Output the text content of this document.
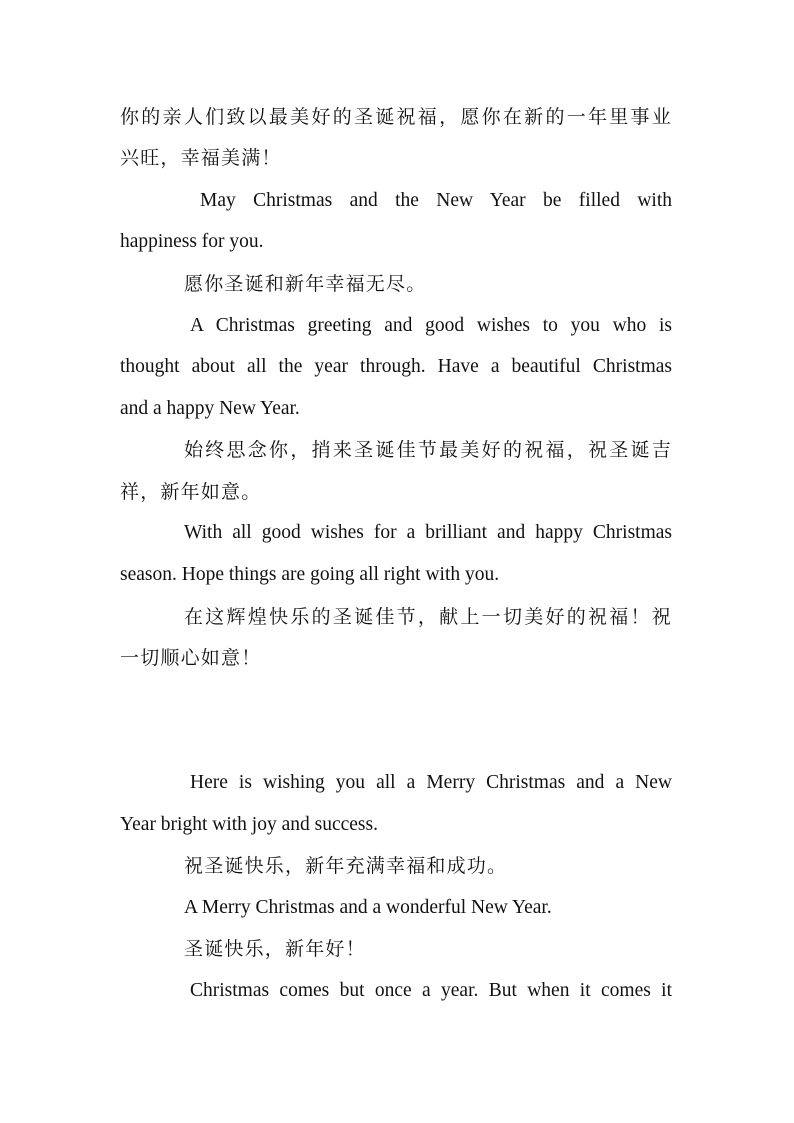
你的亲人们致以最美好的圣诞祝福，愿你在新的一年里事业

兴旺，幸福美满！

May Christmas and the New Year be filled with

happiness for you.

愿你圣诞和新年幸福无尽。

A Christmas greeting and good wishes to you who is

thought about all the year through. Have a beautiful Christmas

and a happy New Year.

始终思念你，捎来圣诞佳节最美好的祝福，祝圣诞吉

祥，新年如意。

With all good wishes for a brilliant and happy Christmas

season. Hope things are going all right with you.

在这辉煌快乐的圣诞佳节，献上一切美好的祝福！祝

一切顺心如意！

Here is wishing you all a Merry Christmas and a New

Year bright with joy and success.

祝圣诞快乐，新年充满幸福和成功。

A Merry Christmas and a wonderful New Year.

圣诞快乐，新年好！

Christmas comes but once a year. But when it comes it
